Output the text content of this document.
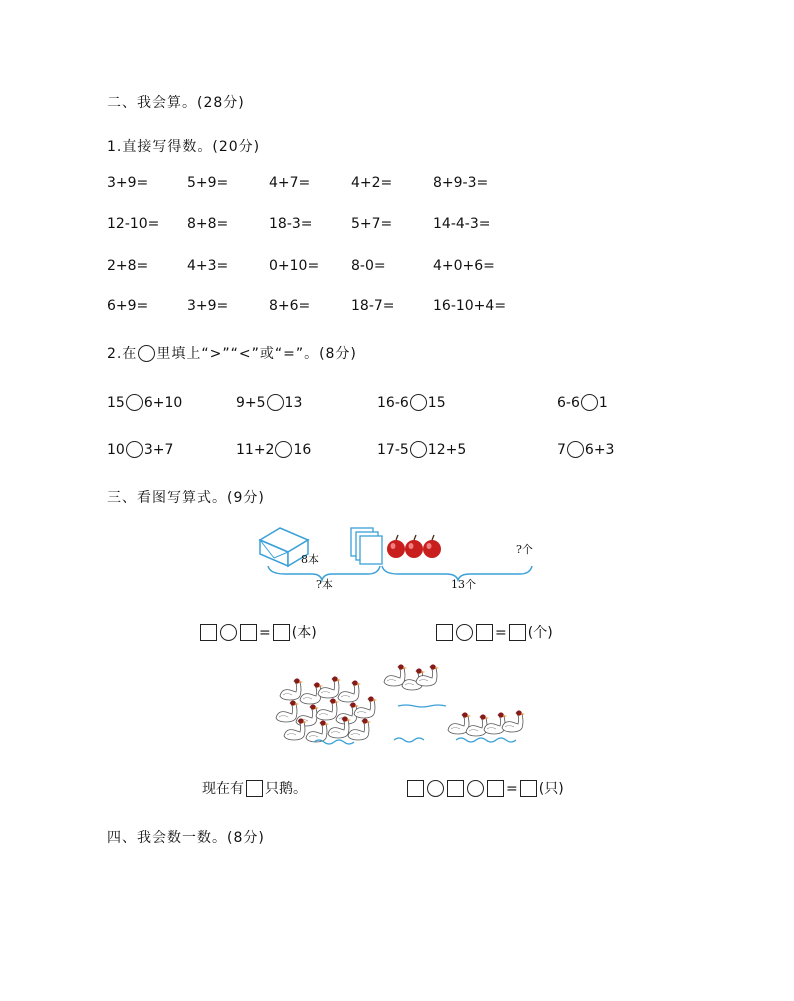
二、我会算。(28分)
1.直接写得数。(20分)
3+9=	5+9=	4+7=	4+2=	8+9-3=
12-10= 8+8=	18-3=	5+7=	14-4-3=
2+8=	4+3=	0+10= 8-0=	4+0+6=
6+9=	3+9=	8+6=	18-7=	16-10+4=
2.在 里填上“>”“<”或“=”。(8分)
15 6+10	9+5 13	16-6 15	6-6 1
10 3+7	11+2 16	17-5 12+5	7 6+3
三、看图写算式。(9分)
8本
?个
?本	13个
= (本)	= (个)
现在有 只鹅。	= (只)
四、我会数一数。(8分)
